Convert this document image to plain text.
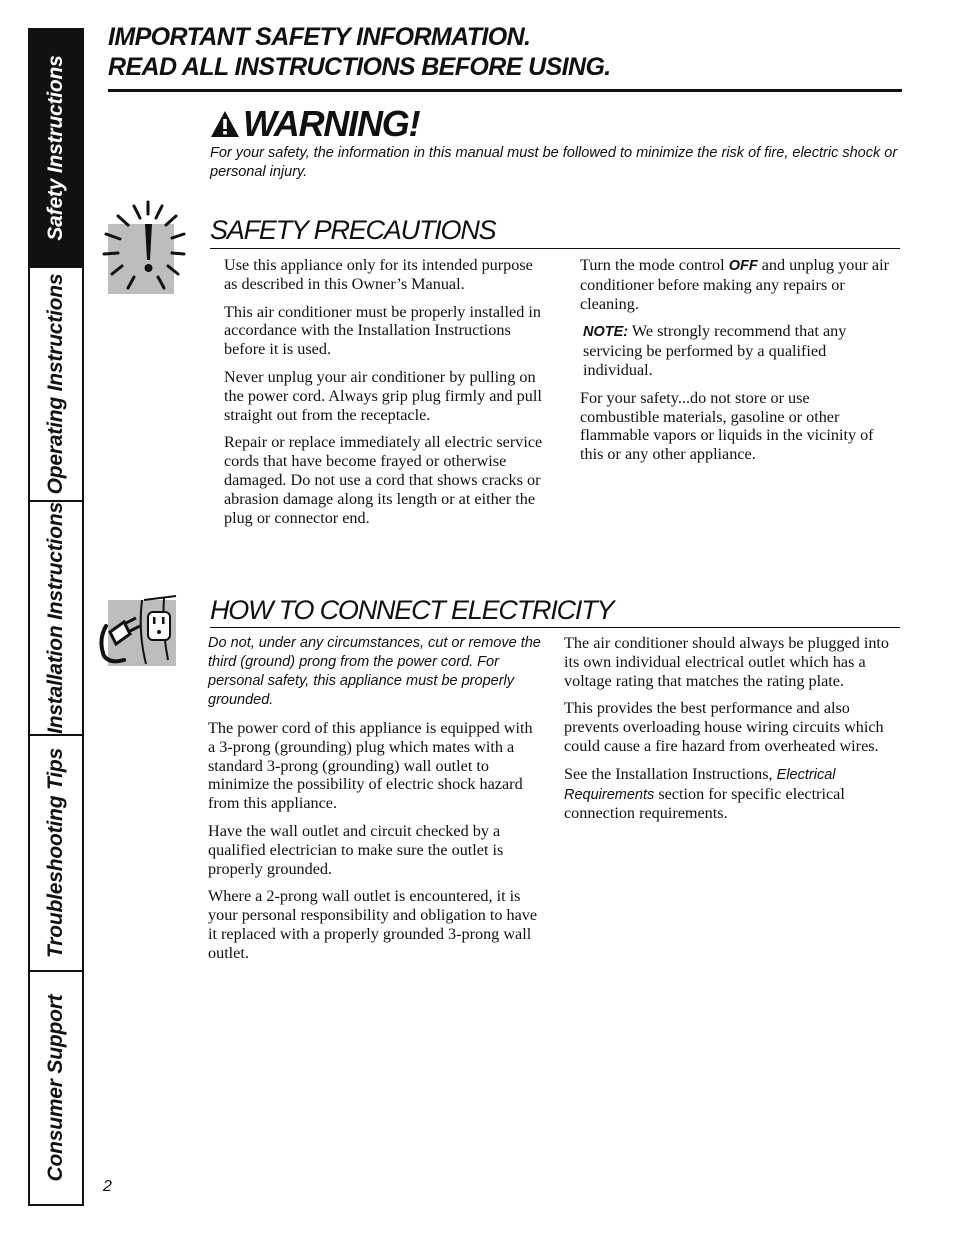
Safety Instructions
Operating Instructions
Installation Instructions
Troubleshooting Tips
Consumer Support
IMPORTANT SAFETY INFORMATION.
READ ALL INSTRUCTIONS BEFORE USING.
WARNING!
For your safety, the information in this manual must be followed to minimize the risk of fire, electric shock or personal injury.
SAFETY PRECAUTIONS

Use this appliance only for its intended purpose as described in this Owner’s Manual.

This air conditioner must be properly installed in accordance with the Installation Instructions before it is used.

Never unplug your air conditioner by pulling on the power cord. Always grip plug firmly and pull straight out from the receptacle.

Repair or replace immediately all electric service cords that have become frayed or otherwise damaged. Do not use a cord that shows cracks or abrasion damage along its length or at either the plug or connector end.

Turn the mode control OFF and unplug your air conditioner before making any repairs or cleaning.

NOTE: We strongly recommend that any servicing be performed by a qualified individual.

For your safety...do not store or use combustible materials, gasoline or other flammable vapors or liquids in the vicinity of this or any other appliance.

HOW TO CONNECT ELECTRICITY

Do not, under any circumstances, cut or remove the third (ground) prong from the power cord. For personal safety, this appliance must be properly grounded.

The power cord of this appliance is equipped with a 3-prong (grounding) plug which mates with a standard 3-prong (grounding) wall outlet to minimize the possibility of electric shock hazard from this appliance.

Have the wall outlet and circuit checked by a qualified electrician to make sure the outlet is properly grounded.

Where a 2-prong wall outlet is encountered, it is your personal responsibility and obligation to have it replaced with a properly grounded 3-prong wall outlet.

The air conditioner should always be plugged into its own individual electrical outlet which has a voltage rating that matches the rating plate.

This provides the best performance and also prevents overloading house wiring circuits which could cause a fire hazard from overheated wires.

See the Installation Instructions, Electrical Requirements section for specific electrical connection requirements.

2
